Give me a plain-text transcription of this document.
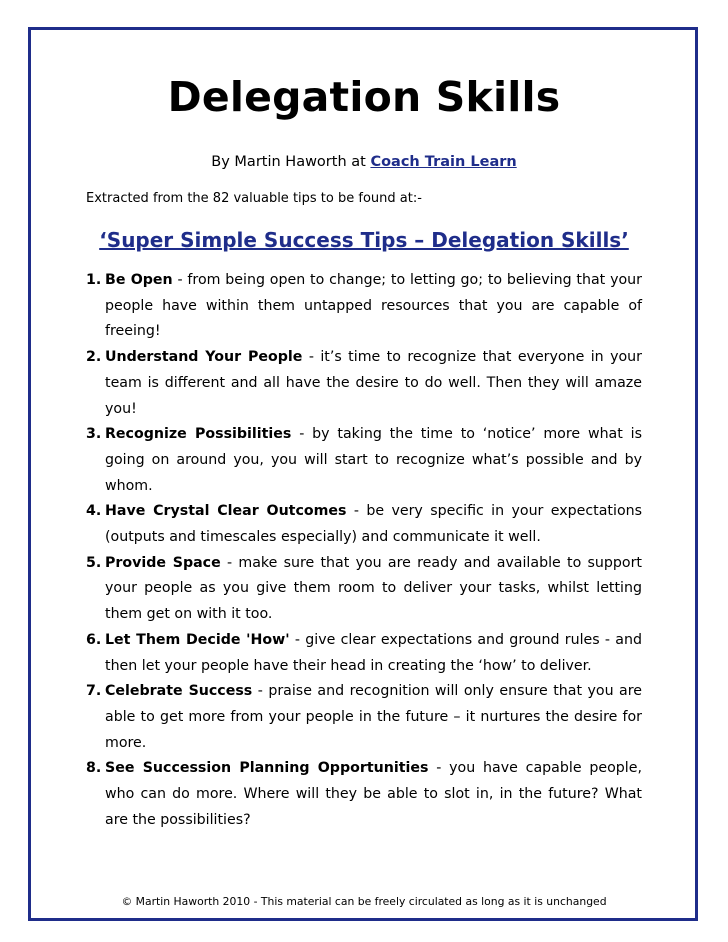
Delegation Skills
By Martin Haworth at Coach Train Learn
Extracted from the 82 valuable tips to be found at:-
‘Super Simple Success Tips – Delegation Skills’
1. Be Open - from being open to change; to letting go; to believing that your people have within them untapped resources that you are capable of freeing!
2. Understand Your People - it’s time to recognize that everyone in your team is different and all have the desire to do well. Then they will amaze you!
3. Recognize Possibilities - by taking the time to ‘notice’ more what is going on around you, you will start to recognize what’s possible and by whom.
4. Have Crystal Clear Outcomes - be very specific in your expectations (outputs and timescales especially) and communicate it well.
5. Provide Space - make sure that you are ready and available to support your people as you give them room to deliver your tasks, whilst letting them get on with it too.
6. Let Them Decide 'How' - give clear expectations and ground rules - and then let your people have their head in creating the ‘how’ to deliver.
7. Celebrate Success - praise and recognition will only ensure that you are able to get more from your people in the future – it nurtures the desire for more.
8. See Succession Planning Opportunities - you have capable people, who can do more. Where will they be able to slot in, in the future? What are the possibilities?
© Martin Haworth 2010 - This material can be freely circulated as long as it is unchanged
